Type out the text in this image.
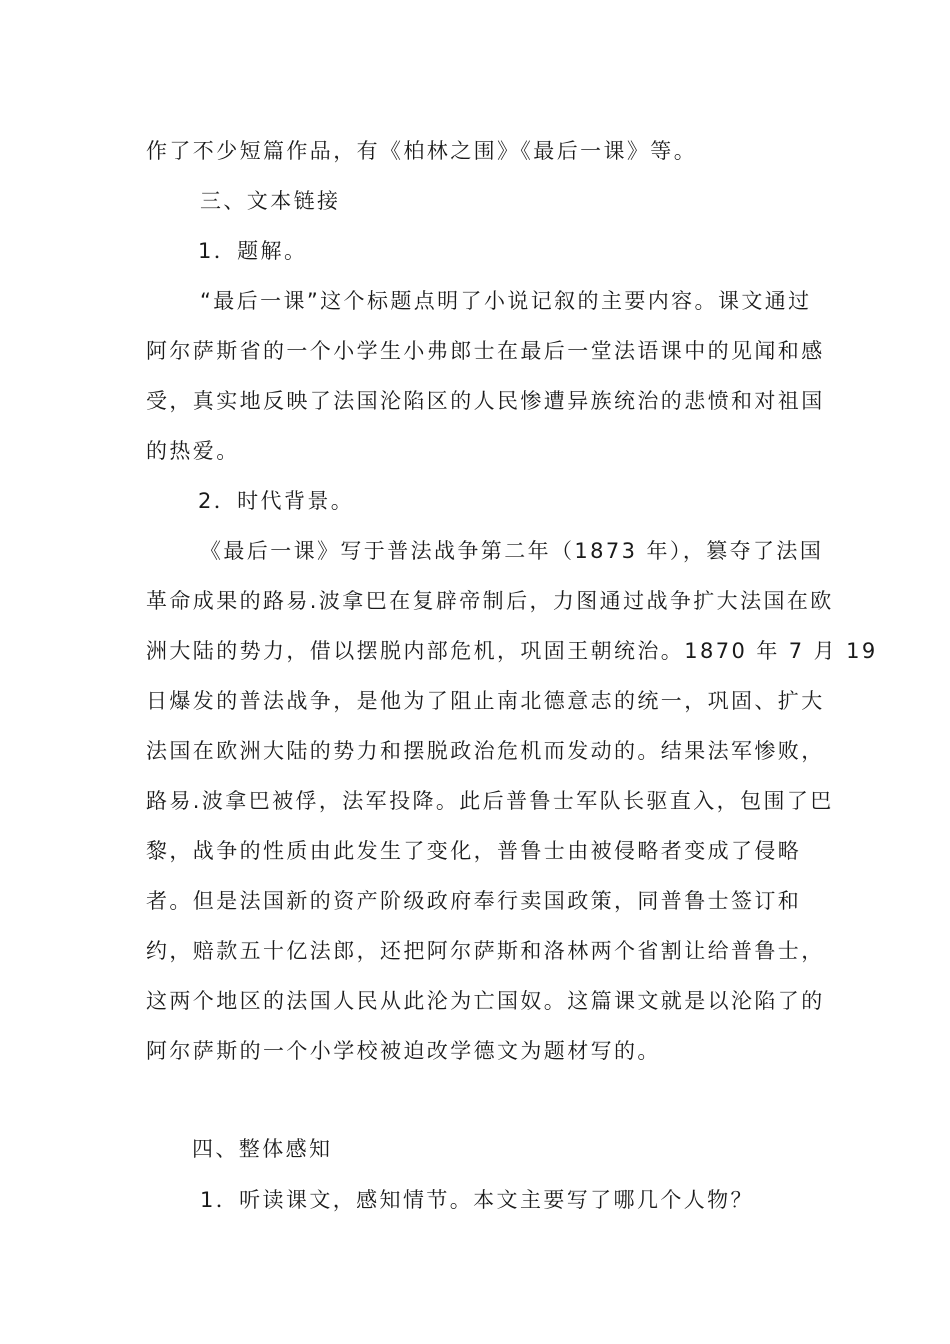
作了不少短篇作品，有《柏林之围》《最后一课》等。
三、文本链接
1．题解。
“最后一课”这个标题点明了小说记叙的主要内容。课文通过
阿尔萨斯省的一个小学生小弗郎士在最后一堂法语课中的见闻和感
受，真实地反映了法国沦陷区的人民惨遭异族统治的悲愤和对祖国
的热爱。
2．时代背景。
《最后一课》写于普法战争第二年（1873 年），篡夺了法国
革命成果的路易.波拿巴在复辟帝制后，力图通过战争扩大法国在欧
洲大陆的势力，借以摆脱内部危机，巩固王朝统治。1870 年 7 月 19
日爆发的普法战争，是他为了阻止南北德意志的统一，巩固、扩大
法国在欧洲大陆的势力和摆脱政治危机而发动的。结果法军惨败，
路易.波拿巴被俘，法军投降。此后普鲁士军队长驱直入，包围了巴
黎，战争的性质由此发生了变化，普鲁士由被侵略者变成了侵略
者。但是法国新的资产阶级政府奉行卖国政策，同普鲁士签订和
约，赔款五十亿法郎，还把阿尔萨斯和洛林两个省割让给普鲁士，
这两个地区的法国人民从此沦为亡国奴。这篇课文就是以沦陷了的
阿尔萨斯的一个小学校被迫改学德文为题材写的。
四、整体感知
1．听读课文，感知情节。本文主要写了哪几个人物？
